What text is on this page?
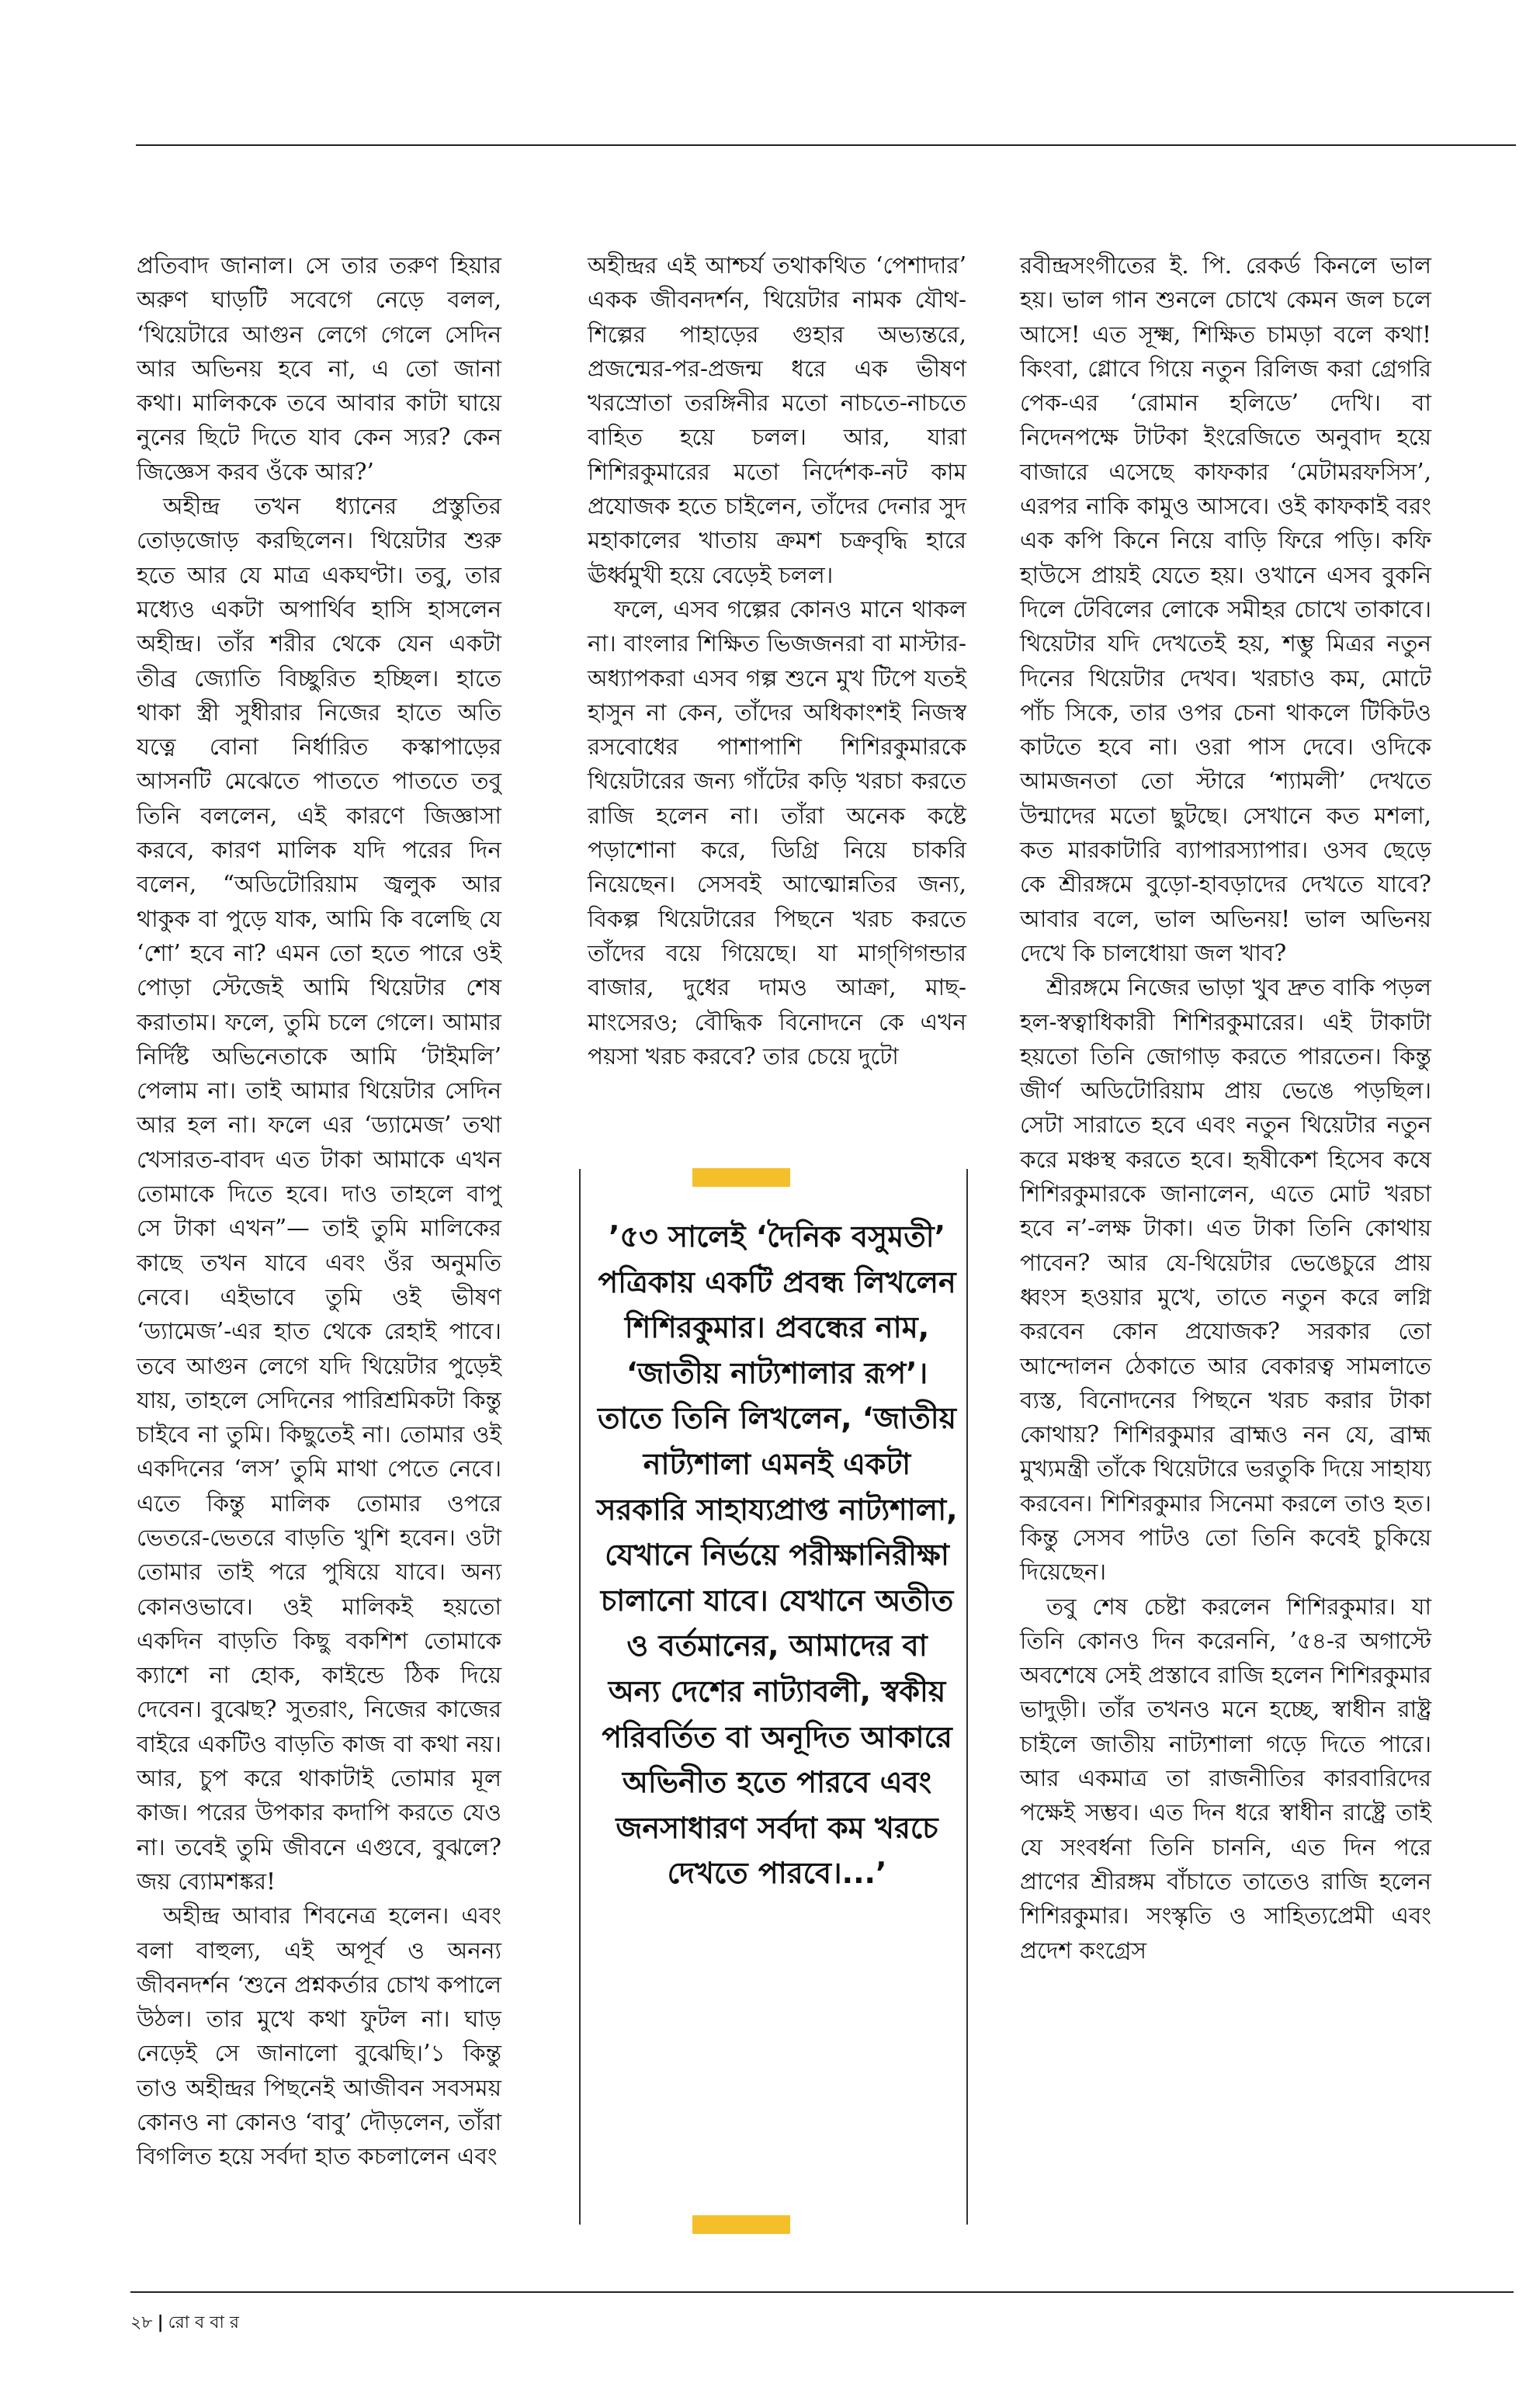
প্রতিবাদ জানাল। সে তার তরুণ হিয়ার অরুণ ঘাড়টি সবেগে নেড়ে বলল, ‘থিয়েটারে আগুন লেগে গেলে সেদিন আর অভিনয় হবে না, এ তো জানা কথা। মালিককে তবে আবার কাটা ঘায়ে নুনের ছিটে দিতে যাব কেন স্যর? কেন জিজ্ঞেস করব ওঁকে আর?’

অহীন্দ্র তখন ধ্যানের প্রস্তুতির তোড়জোড় করছিলেন। থিয়েটার শুরু হতে আর যে মাত্র একঘণ্টা। তবু, তার মধ্যেও একটা অপার্থিব হাসি হাসলেন অহীন্দ্র। তাঁর শরীর থেকে যেন একটা তীব্র জ্যোতি বিচ্ছুরিত হচ্ছিল। হাতে থাকা স্ত্রী সুধীরার নিজের হাতে অতি যত্নে বোনা নির্ধারিত কস্কাপাড়ের আসনটি মেঝেতে পাততে পাততে তবু তিনি বললেন, এই কারণে জিজ্ঞাসা করবে, কারণ মালিক যদি পরের দিন বলেন, “অডিটোরিয়াম জ্বলুক আর থাকুক বা পুড়ে যাক, আমি কি বলেছি যে ‘শো’ হবে না? এমন তো হতে পারে ওই পোড়া স্টেজেই আমি থিয়েটার শেষ করাতাম। ফলে, তুমি চলে গেলে। আমার নির্দিষ্ট অভিনেতাকে আমি ‘টাইমলি’ পেলাম না। তাই আমার থিয়েটার সেদিন আর হল না। ফলে এর ‘ড্যামেজ’ তথা খেসারত-বাবদ এত টাকা আমাকে এখন তোমাকে দিতে হবে। দাও তাহলে বাপু সে টাকা এখন”— তাই তুমি মালিকের কাছে তখন যাবে এবং ওঁর অনুমতি নেবে। এইভাবে তুমি ওই ভীষণ ‘ড্যামেজ’-এর হাত থেকে রেহাই পাবে। তবে আগুন লেগে যদি থিয়েটার পুড়েই যায়, তাহলে সেদিনের পারিশ্রমিকটা কিন্তু চাইবে না তুমি। কিছুতেই না। তোমার ওই একদিনের ‘লস’ তুমি মাথা পেতে নেবে। এতে কিন্তু মালিক তোমার ওপরে ভেতরে-ভেতরে বাড়তি খুশি হবেন। ওটা তোমার তাই পরে পুষিয়ে যাবে। অন্য কোনওভাবে। ওই মালিকই হয়তো একদিন বাড়তি কিছু বকশিশ তোমাকে ক্যাশে না হোক, কাইন্ডে ঠিক দিয়ে দেবেন। বুঝেছ? সুতরাং, নিজের কাজের বাইরে একটিও বাড়তি কাজ বা কথা নয়। আর, চুপ করে থাকাটাই তোমার মূল কাজ। পরের উপকার কদাপি করতে যেও না। তবেই তুমি জীবনে এগুবে, বুঝলে? জয় ব্যোমশঙ্কর!

অহীন্দ্র আবার শিবনেত্র হলেন। এবং বলা বাহুল্য, এই অপূর্ব ও অনন্য জীবনদর্শন ‘শুনে প্রশ্নকর্তার চোখ কপালে উঠল। তার মুখে কথা ফুটল না। ঘাড় নেড়েই সে জানালো বুঝেছি।’১ কিন্তু তাও অহীন্দ্রর পিছনেই আজীবন সবসময় কোনও না কোনও ‘বাবু’ দৌড়লেন, তাঁরা বিগলিত হয়ে সর্বদা হাত কচলালেন এবং

অহীন্দ্রর এই আশ্চর্য তথাকথিত ‘পেশাদার’ একক জীবনদর্শন, থিয়েটার নামক যৌথ-শিল্পের পাহাড়ের গুহার অভ্যন্তরে, প্রজন্মের-পর-প্রজন্ম ধরে এক ভীষণ খরস্রোতা তরঙ্গিনীর মতো নাচতে-নাচতে বাহিত হয়ে চলল। আর, যারা শিশিরকুমারের মতো নির্দেশক-নট কাম প্রযোজক হতে চাইলেন, তাঁদের দেনার সুদ মহাকালের খাতায় ক্রমশ চক্রবৃদ্ধি হারে ঊর্ধ্বমুখী হয়ে বেড়েই চলল।

ফলে, এসব গল্পের কোনও মানে থাকল না। বাংলার শিক্ষিত ভিজজনরা বা মাস্টার-অধ্যাপকরা এসব গল্প শুনে মুখ টিপে যতই হাসুন না কেন, তাঁদের অধিকাংশই নিজস্ব রসবোধের পাশাপাশি শিশিরকুমারকে থিয়েটারের জন্য গাঁটের কড়ি খরচা করতে রাজি হলেন না। তাঁরা অনেক কষ্টে পড়াশোনা করে, ডিগ্রি নিয়ে চাকরি নিয়েছেন। সেসবই আত্মোন্নতির জন্য, বিকল্প থিয়েটারের পিছনে খরচ করতে তাঁদের বয়ে গিয়েছে। যা মাগ্‌গিগন্ডার বাজার, দুধের দামও আক্রা, মাছ-মাংসেরও; বৌদ্ধিক বিনোদনে কে এখন পয়সা খরচ করবে? তার চেয়ে দুটো

’৫৩ সালেই ‘দৈনিক বসুমতী’ পত্রিকায় একটি প্রবন্ধ লিখলেন শিশিরকুমার। প্রবন্ধের নাম, ‘জাতীয় নাট্যশালার রূপ’। তাতে তিনি লিখলেন, ‘জাতীয় নাট্যশালা এমনই একটা সরকারি সাহায্যপ্রাপ্ত নাট্যশালা, যেখানে নির্ভয়ে পরীক্ষানিরীক্ষা চালানো যাবে। যেখানে অতীত ও বর্তমানের, আমাদের বা অন্য দেশের নাট্যাবলী, স্বকীয় পরিবর্তিত বা অনূদিত আকারে অভিনীত হতে পারবে এবং জনসাধারণ সর্বদা কম খরচে দেখতে পারবে।...’

রবীন্দ্রসংগীতের ই. পি. রেকর্ড কিনলে ভাল হয়। ভাল গান শুনলে চোখে কেমন জল চলে আসে! এত সূক্ষ্ম, শিক্ষিত চামড়া বলে কথা! কিংবা, গ্লোবে গিয়ে নতুন রিলিজ করা গ্রেগরি পেক-এর ‘রোমান হলিডে’ দেখি। বা নিদেনপক্ষে টাটকা ইংরেজিতে অনুবাদ হয়ে বাজারে এসেছে কাফকার ‘মেটামরফসিস’, এরপর নাকি কামুও আসবে। ওই কাফকাই বরং এক কপি কিনে নিয়ে বাড়ি ফিরে পড়ি। কফি হাউসে প্রায়ই যেতে হয়। ওখানে এসব বুকনি দিলে টেবিলের লোকে সমীহর চোখে তাকাবে। থিয়েটার যদি দেখতেই হয়, শম্ভু মিত্রর নতুন দিনের থিয়েটার দেখব। খরচাও কম, মোটে পাঁচ সিকে, তার ওপর চেনা থাকলে টিকিটও কাটতে হবে না। ওরা পাস দেবে। ওদিকে আমজনতা তো স্টারে ‘শ্যামলী’ দেখতে উন্মাদের মতো ছুটছে। সেখানে কত মশলা, কত মারকাটারি ব্যাপারস্যাপার। ওসব ছেড়ে কে শ্রীরঙ্গমে বুড়ো-হাবড়াদের দেখতে যাবে? আবার বলে, ভাল অভিনয়! ভাল অভিনয় দেখে কি চালধোয়া জল খাব?

শ্রীরঙ্গমে নিজের ভাড়া খুব দ্রুত বাকি পড়ল হল-স্বত্বাধিকারী শিশিরকুমারের। এই টাকাটা হয়তো তিনি জোগাড় করতে পারতেন। কিন্তু জীর্ণ অডিটোরিয়াম প্রায় ভেঙে পড়ছিল। সেটা সারাতে হবে এবং নতুন থিয়েটার নতুন করে মঞ্চস্থ করতে হবে। হৃষীকেশ হিসেব কষে শিশিরকুমারকে জানালেন, এতে মোট খরচা হবে ন’-লক্ষ টাকা। এত টাকা তিনি কোথায় পাবেন? আর যে-থিয়েটার ভেঙেচুরে প্রায় ধ্বংস হওয়ার মুখে, তাতে নতুন করে লগ্নি করবেন কোন প্রযোজক? সরকার তো আন্দোলন ঠেকাতে আর বেকারত্ব সামলাতে ব্যস্ত, বিনোদনের পিছনে খরচ করার টাকা কোথায়? শিশিরকুমার ব্রাহ্মও নন যে, ব্রাহ্ম মুখ্যমন্ত্রী তাঁকে থিয়েটারে ভরতুকি দিয়ে সাহায্য করবেন। শিশিরকুমার সিনেমা করলে তাও হত। কিন্তু সেসব পাটও তো তিনি কবেই চুকিয়ে দিয়েছেন।

তবু শেষ চেষ্টা করলেন শিশিরকুমার। যা তিনি কোনও দিন করেননি, ’৫৪-র অগাস্টে অবশেষে সেই প্রস্তাবে রাজি হলেন শিশিরকুমার ভাদুড়ী। তাঁর তখনও মনে হচ্ছে, স্বাধীন রাষ্ট্র চাইলে জাতীয় নাট্যশালা গড়ে দিতে পারে। আর একমাত্র তা রাজনীতির কারবারিদের পক্ষেই সম্ভব। এত দিন ধরে স্বাধীন রাষ্ট্রে তাই যে সংবর্ধনা তিনি চাননি, এত দিন পরে প্রাণের শ্রীরঙ্গম বাঁচাতে তাতেও রাজি হলেন শিশিরকুমার। সংস্কৃতি ও সাহিত্যপ্রেমী এবং প্রদেশ কংগ্রেস

২৮ | রো ব বা র
